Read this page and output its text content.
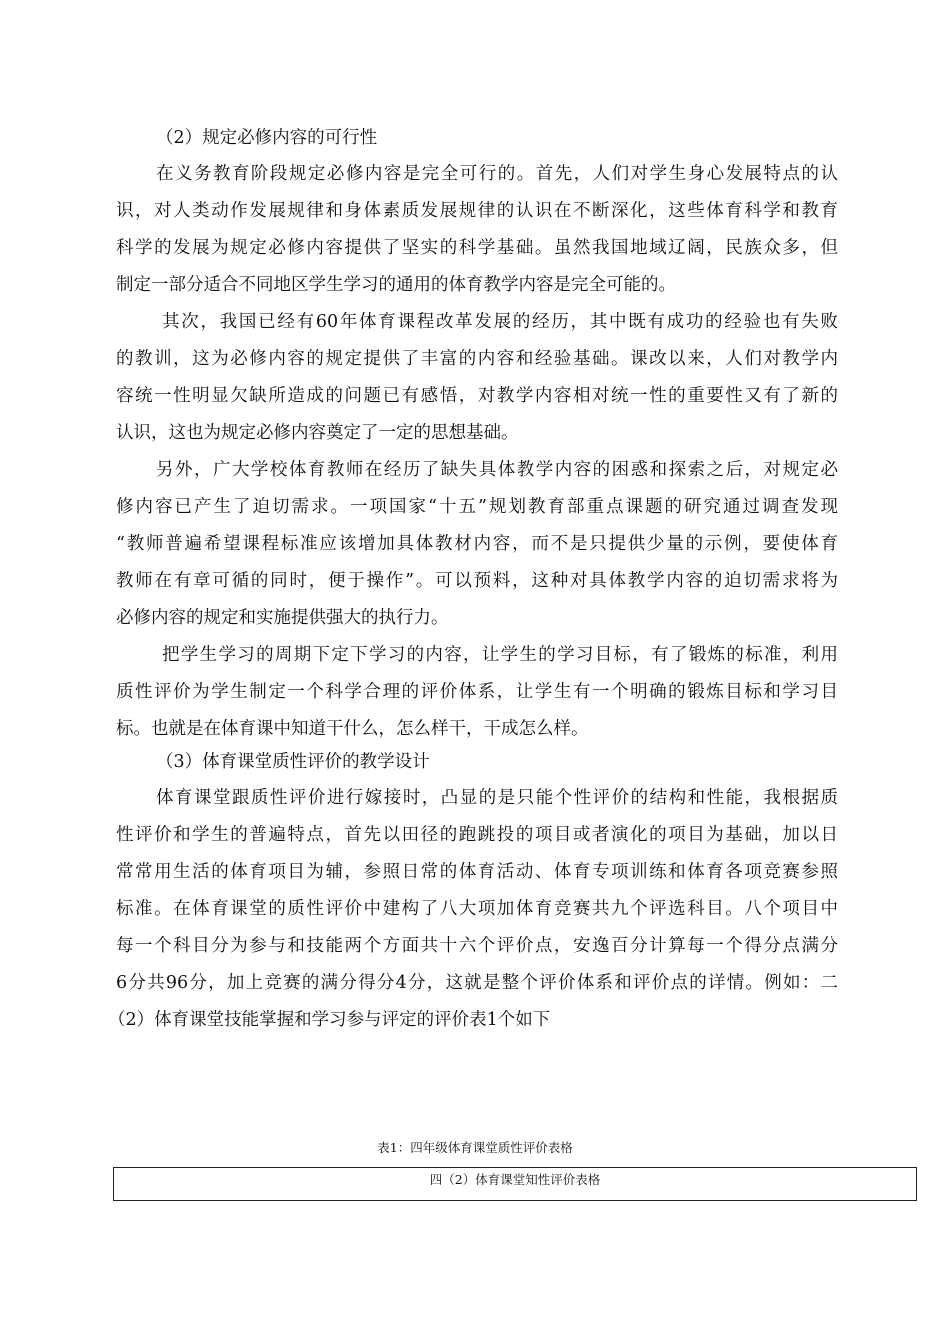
（2）规定必修内容的可行性

在义务教育阶段规定必修内容是完全可行的。首先，人们对学生身心发展特点的认

识，对人类动作发展规律和身体素质发展规律的认识在不断深化，这些体育科学和教育

科学的发展为规定必修内容提供了坚实的科学基础。虽然我国地域辽阔，民族众多，但

制定一部分适合不同地区学生学习的通用的体育教学内容是完全可能的。

其次，我国已经有60年体育课程改革发展的经历，其中既有成功的经验也有失败

的教训，这为必修内容的规定提供了丰富的内容和经验基础。课改以来，人们对教学内

容统一性明显欠缺所造成的问题已有感悟，对教学内容相对统一性的重要性又有了新的

认识，这也为规定必修内容奠定了一定的思想基础。

另外，广大学校体育教师在经历了缺失具体教学内容的困惑和探索之后，对规定必

修内容已产生了迫切需求。一项国家“十五”规划教育部重点课题的研究通过调查发现

“教师普遍希望课程标准应该增加具体教材内容，而不是只提供少量的示例，要使体育

教师在有章可循的同时，便于操作”。可以预料，这种对具体教学内容的迫切需求将为

必修内容的规定和实施提供强大的执行力。

把学生学习的周期下定下学习的内容，让学生的学习目标，有了锻炼的标准，利用

质性评价为学生制定一个科学合理的评价体系，让学生有一个明确的锻炼目标和学习目

标。也就是在体育课中知道干什么，怎么样干，干成怎么样。

（3）体育课堂质性评价的教学设计

体育课堂跟质性评价进行嫁接时，凸显的是只能个性评价的结构和性能，我根据质

性评价和学生的普遍特点，首先以田径的跑跳投的项目或者演化的项目为基础，加以日

常常用生活的体育项目为辅，参照日常的体育活动、体育专项训练和体育各项竞赛参照

标准。在体育课堂的质性评价中建构了八大项加体育竞赛共九个评选科目。八个项目中

每一个科目分为参与和技能两个方面共十六个评价点，安逸百分计算每一个得分点满分

6分共96分，加上竞赛的满分得分4分，这就是整个评价体系和评价点的详情。例如：二

（2）体育课堂技能掌握和学习参与评定的评价表1个如下

表1：四年级体育课堂质性评价表格
四（2）体育课堂知性评价表格
